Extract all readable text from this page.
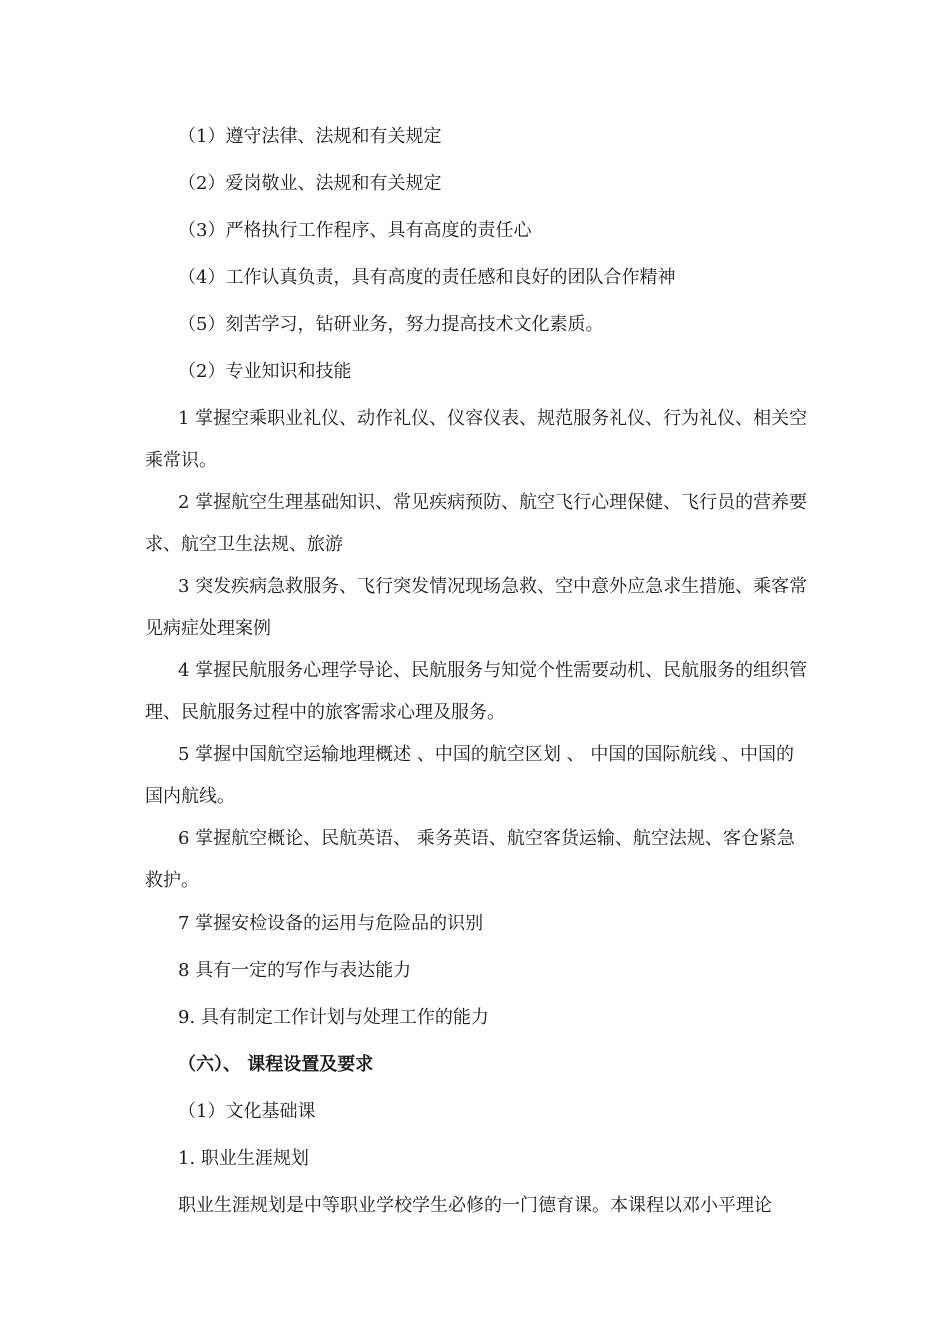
（1）遵守法律、法规和有关规定
（2）爱岗敬业、法规和有关规定
（3）严格执行工作程序、具有高度的责任心
（4）工作认真负责，具有高度的责任感和良好的团队合作精神
（5）刻苦学习，钻研业务，努力提高技术文化素质。
（2）专业知识和技能
1 掌握空乘职业礼仪、动作礼仪、仪容仪表、规范服务礼仪、行为礼仪、相关空乘常识。
2 掌握航空生理基础知识、常见疾病预防、航空飞行心理保健、飞行员的营养要求、航空卫生法规、旅游
3 突发疾病急救服务、飞行突发情况现场急救、空中意外应急求生措施、乘客常见病症处理案例
4 掌握民航服务心理学导论、民航服务与知觉个性需要动机、民航服务的组织管理、民航服务过程中的旅客需求心理及服务。
5 掌握中国航空运输地理概述 、中国的航空区划 、 中国的国际航线 、中国的国内航线。
6 掌握航空概论、民航英语、 乘务英语、航空客货运输、航空法规、客仓紧急救护。
7 掌握安检设备的运用与危险品的识别
8 具有一定的写作与表达能力
9. 具有制定工作计划与处理工作的能力
（六）、 课程设置及要求
（1）文化基础课
1. 职业生涯规划
职业生涯规划是中等职业学校学生必修的一门德育课。本课程以邓小平理论
